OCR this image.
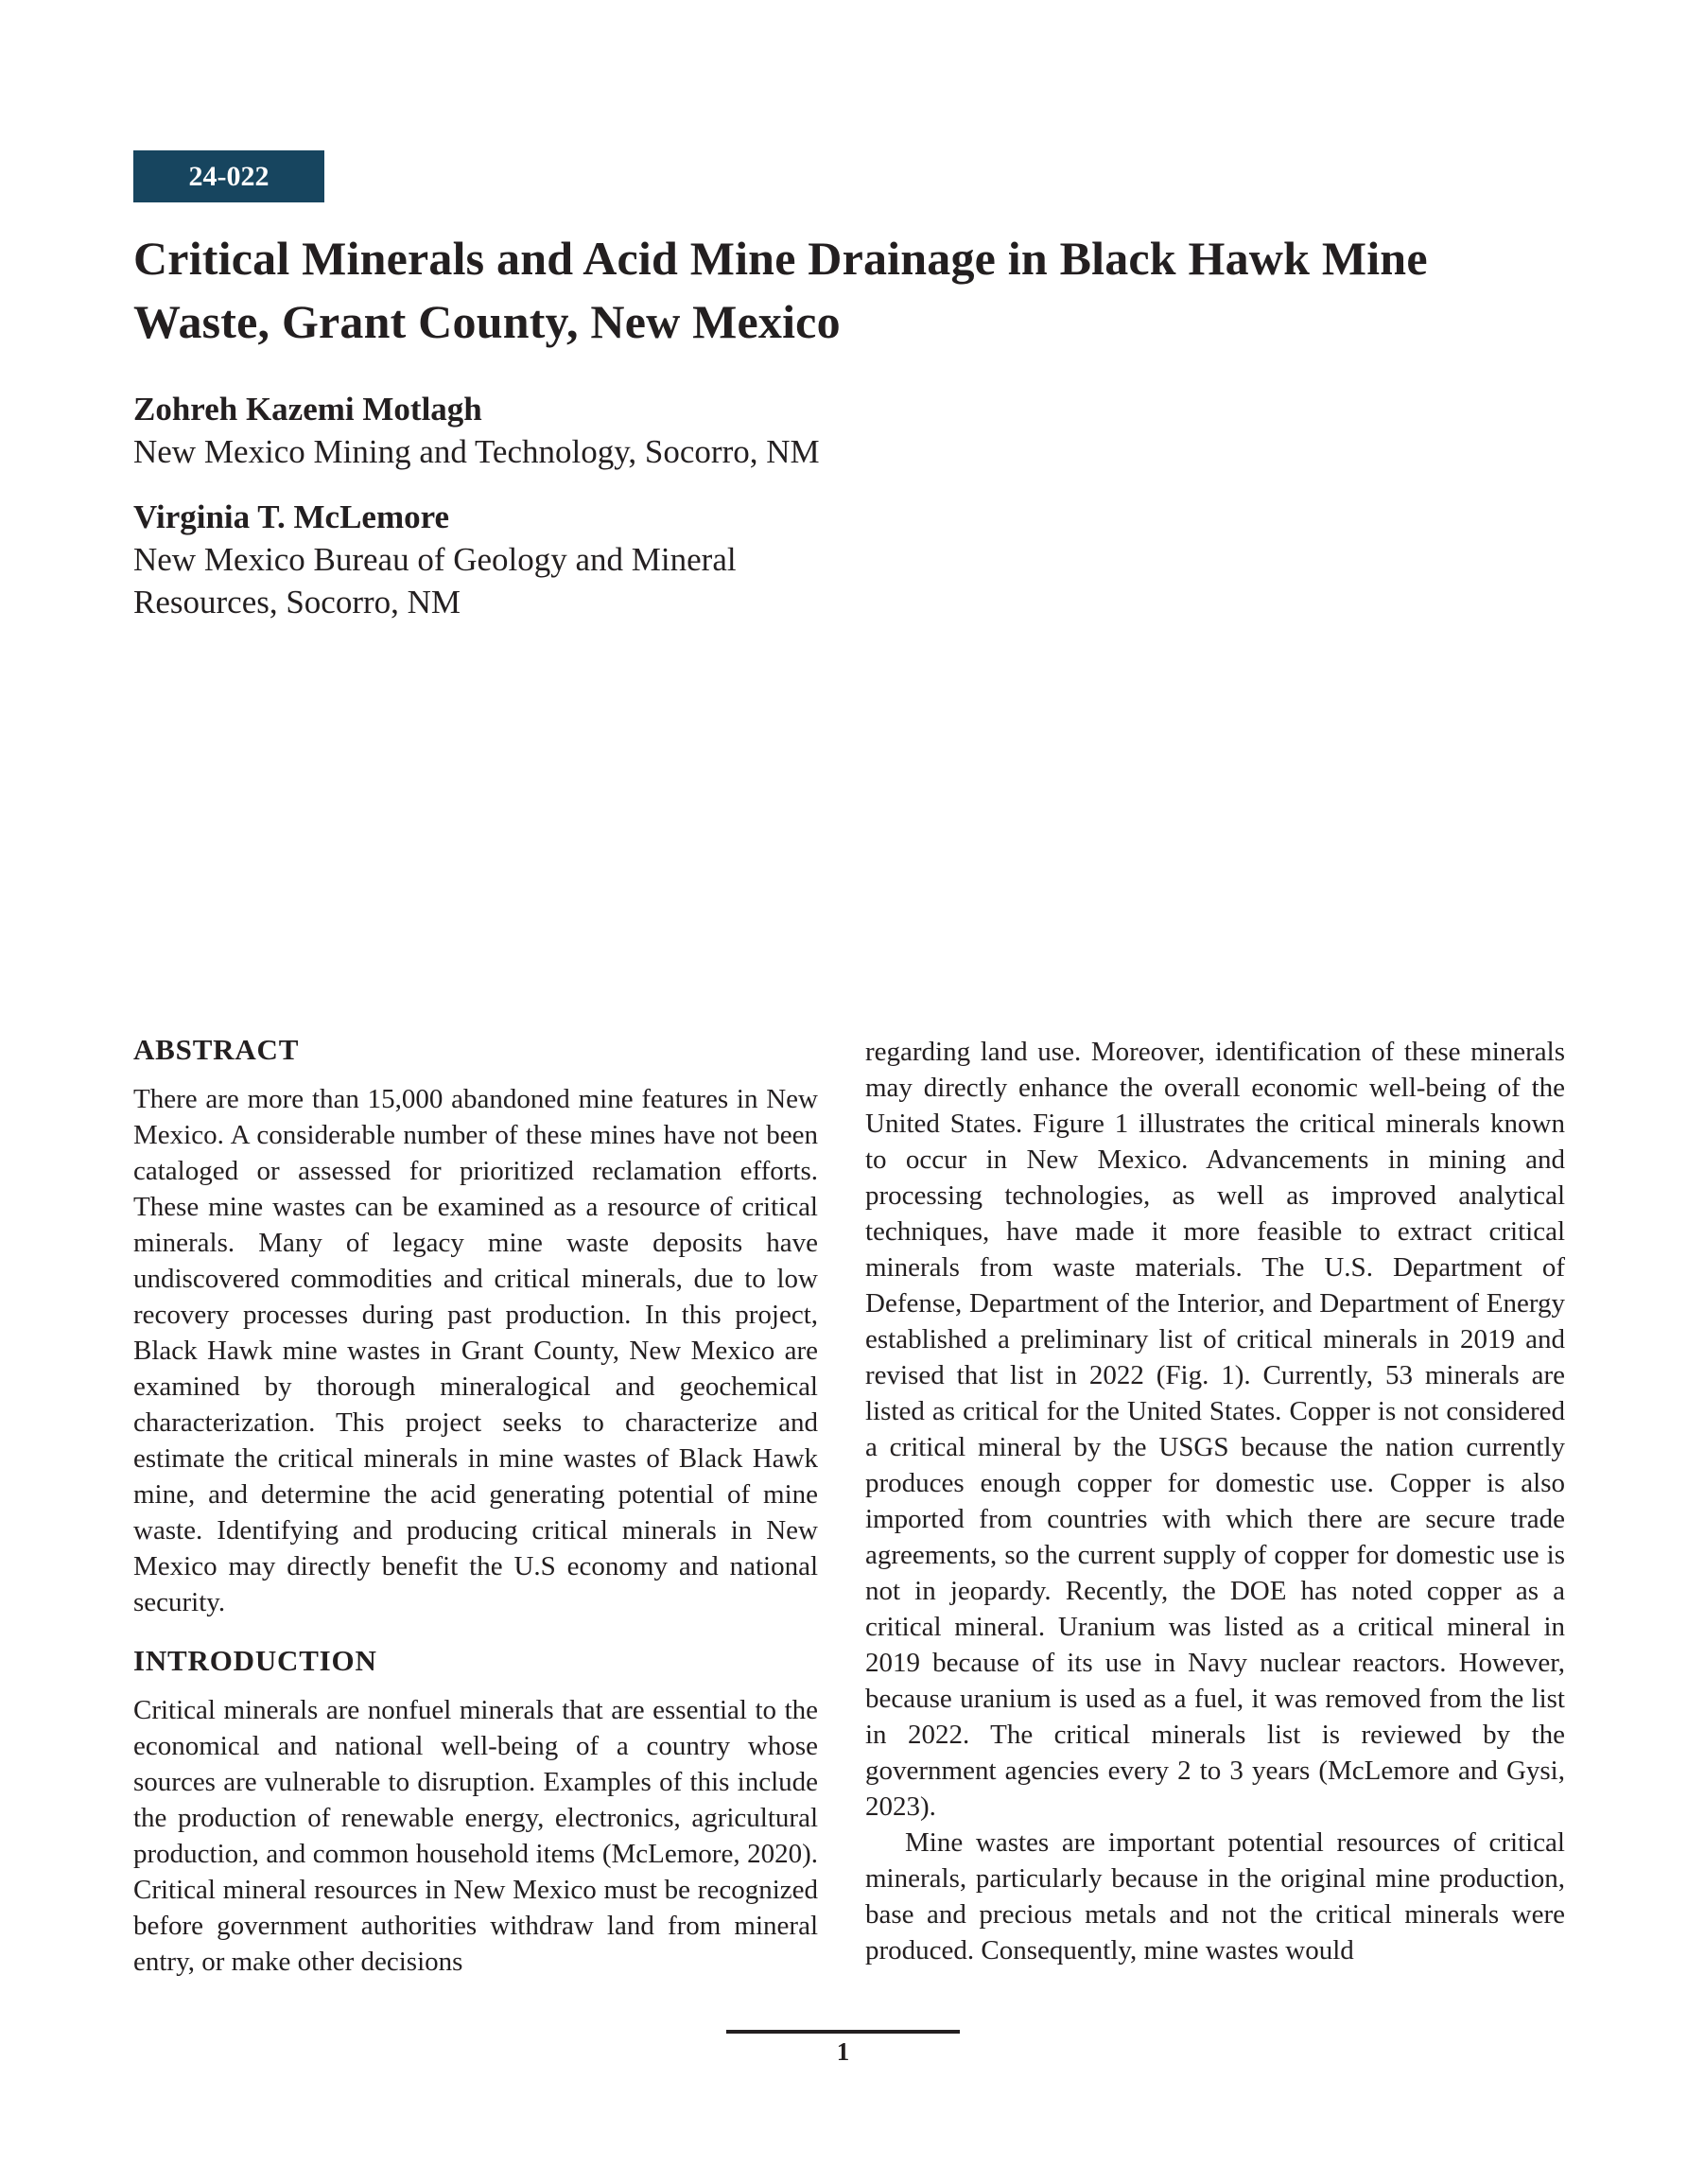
24-022
Critical Minerals and Acid Mine Drainage in Black Hawk Mine
Waste, Grant County, New Mexico
Zohreh Kazemi Motlagh
New Mexico Mining and Technology, Socorro, NM
Virginia T. McLemore
New Mexico Bureau of Geology and Mineral
Resources, Socorro, NM
ABSTRACT

There are more than 15,000 abandoned mine features in New Mexico. A considerable number of these mines have not been cataloged or assessed for prioritized reclamation efforts. These mine wastes can be examined as a resource of critical minerals. Many of legacy mine waste deposits have undiscovered commodities and critical minerals, due to low recovery processes during past production. In this project, Black Hawk mine wastes in Grant County, New Mexico are examined by thorough mineralogical and geochemical characterization. This project seeks to characterize and estimate the critical minerals in mine wastes of Black Hawk mine, and determine the acid generating potential of mine waste. Identifying and producing critical minerals in New Mexico may directly benefit the U.S economy and national security.

INTRODUCTION

Critical minerals are nonfuel minerals that are essential to the economical and national well-being of a country whose sources are vulnerable to disruption. Examples of this include the production of renewable energy, electronics, agricultural production, and common household items (McLemore, 2020). Critical mineral resources in New Mexico must be recognized before government authorities withdraw land from mineral entry, or make other decisions

regarding land use. Moreover, identification of these minerals may directly enhance the overall economic well-being of the United States. Figure 1 illustrates the critical minerals known to occur in New Mexico. Advancements in mining and processing technologies, as well as improved analytical techniques, have made it more feasible to extract critical minerals from waste materials. The U.S. Department of Defense, Department of the Interior, and Department of Energy established a preliminary list of critical minerals in 2019 and revised that list in 2022 (Fig. 1). Currently, 53 minerals are listed as critical for the United States. Copper is not considered a critical mineral by the USGS because the nation currently produces enough copper for domestic use. Copper is also imported from countries with which there are secure trade agreements, so the current supply of copper for domestic use is not in jeopardy. Recently, the DOE has noted copper as a critical mineral. Uranium was listed as a critical mineral in 2019 because of its use in Navy nuclear reactors. However, because uranium is used as a fuel, it was removed from the list in 2022. The critical minerals list is reviewed by the government agencies every 2 to 3 years (McLemore and Gysi, 2023).

Mine wastes are important potential resources of critical minerals, particularly because in the original mine production, base and precious metals and not the critical minerals were produced. Consequently, mine wastes would

1
